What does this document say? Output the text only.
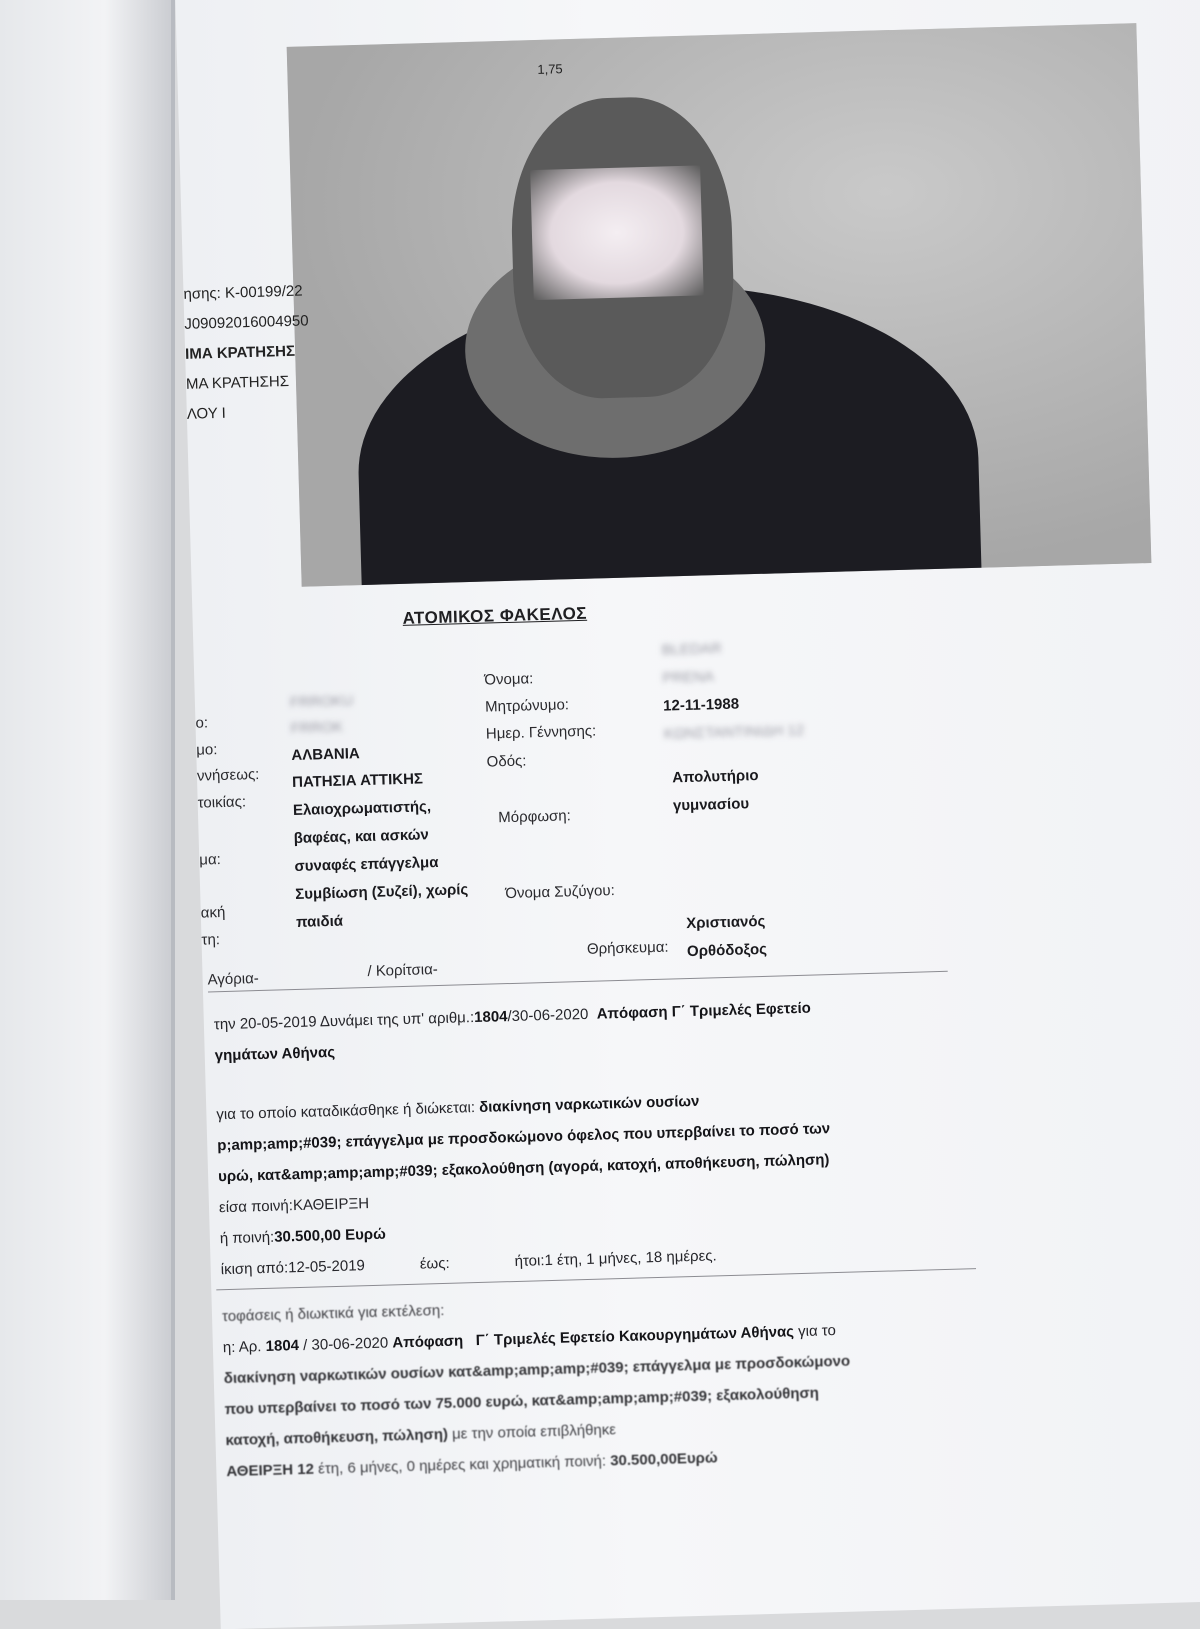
1,75
ησης: K-00199/22
J09092016004950
ΙΜΑ ΚΡΑΤΗΣΗΣ
ΜΑ ΚΡΑΤΗΣΗΣ
ΛΟΥ Ι
ΑΤΟΜΙΚΟΣ ΦΑΚΕΛΟΣ
ο:
μο:
ννήσεως:
τοικίας:
μα:
ακή
τη:
Αγόρια-
FRROKU
FRROK
ΑΛΒΑΝΙΑ
ΠΑΤΗΣΙΑ ΑΤΤΙΚΗΣ
Ελαιοχρωματιστής,
βαφέας, και ασκών
συναφές επάγγελμα
Συμβίωση (Συζεί), χωρίς
παιδιά
/ Κορίτσια-
Όνομα:
Μητρώνυμο:
Ημερ. Γέννησης:
Οδός:
Μόρφωση:
Όνομα Συζύγου:
Θρήσκευμα:
BLEDAR
PRENA
12-11-1988
ΚΩΝΣΤΑΝΤΙΝΙΔΗ 12
Απολυτήριο
γυμνασίου
Χριστιανός
Ορθόδοξος
την 20-05-2019 Δυνάμει της υπ' αριθμ.:1804/30-06-2020 Απόφαση Γ΄ Τριμελές Εφετείο
γημάτων Αθήνας
για το οποίο καταδικάσθηκε ή διώκεται: διακίνηση ναρκωτικών ουσίων
p;amp;amp;#039; επάγγελμα με προσδοκώμονο όφελος που υπερβαίνει το ποσό των
υρώ, κατ&amp;amp;amp;#039; εξακολούθηση (αγορά, κατοχή, αποθήκευση, πώληση)
είσα ποινή:ΚΑΘΕΙΡΞΗ
ή ποινή:30.500,00 Ευρώ
ίκιση από:12-05-2019	έως:	ήτοι:1 έτη, 1 μήνες, 18 ημέρες.
τοφάσεις ή διωκτικά για εκτέλεση:
η: Αρ. 1804 / 30-06-2020 Απόφαση Γ΄ Τριμελές Εφετείο Κακουργημάτων Αθήνας για το
διακίνηση ναρκωτικών ουσίων κατ&amp;amp;amp;#039; επάγγελμα με προσδοκώμονο
που υπερβαίνει το ποσό των 75.000 ευρώ, κατ&amp;amp;amp;#039; εξακολούθηση
κατοχή, αποθήκευση, πώληση) με την οποία επιβλήθηκε
ΑΘΕΙΡΞΗ 12 έτη, 6 μήνες, 0 ημέρες και χρηματική ποινή: 30.500,00Ευρώ
